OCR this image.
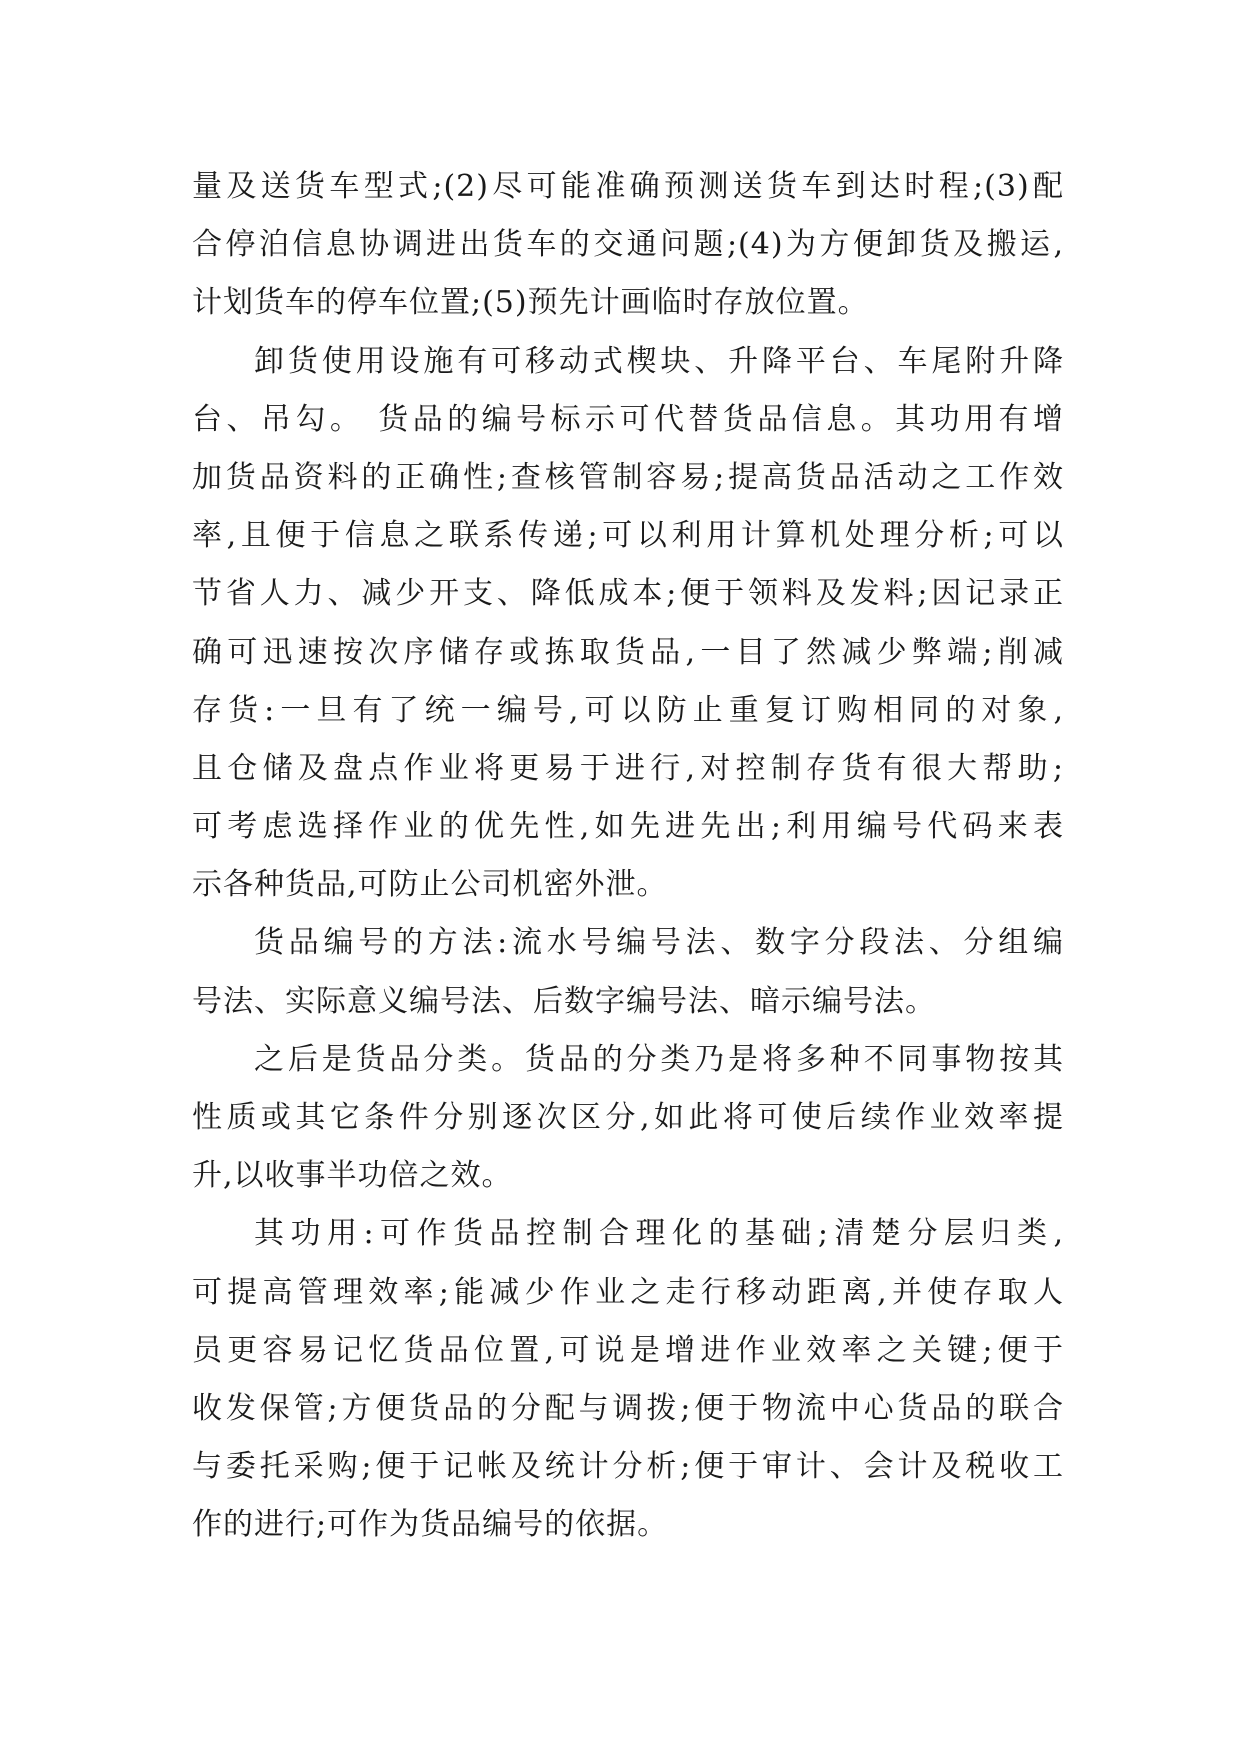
量及送货车型式;(2)尽可能准确预测送货车到达时程;(3)配
合停泊信息协调进出货车的交通问题;(4)为方便卸货及搬运,
计划货车的停车位置;(5)预先计画临时存放位置。
卸货使用设施有可移动式楔块、升降平台、车尾附升降
台、吊勾。 货品的编号标示可代替货品信息。其功用有增
加货品资料的正确性;查核管制容易;提高货品活动之工作效
率,且便于信息之联系传递;可以利用计算机处理分析;可以
节省人力、减少开支、降低成本;便于领料及发料;因记录正
确可迅速按次序储存或拣取货品,一目了然减少弊端;削减
存货:一旦有了统一编号,可以防止重复订购相同的对象,
且仓储及盘点作业将更易于进行,对控制存货有很大帮助;
可考虑选择作业的优先性,如先进先出;利用编号代码来表
示各种货品,可防止公司机密外泄。
货品编号的方法:流水号编号法、数字分段法、分组编
号法、实际意义编号法、后数字编号法、暗示编号法。
之后是货品分类。货品的分类乃是将多种不同事物按其
性质或其它条件分别逐次区分,如此将可使后续作业效率提
升,以收事半功倍之效。
其功用:可作货品控制合理化的基础;清楚分层归类,
可提高管理效率;能减少作业之走行移动距离,并使存取人
员更容易记忆货品位置,可说是增进作业效率之关键;便于
收发保管;方便货品的分配与调拨;便于物流中心货品的联合
与委托采购;便于记帐及统计分析;便于审计、会计及税收工
作的进行;可作为货品编号的依据。
